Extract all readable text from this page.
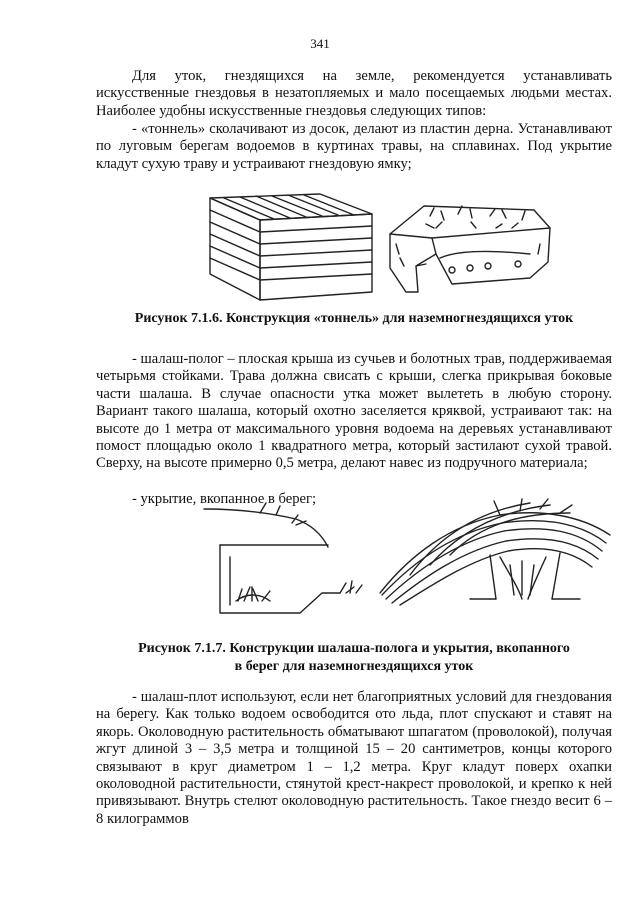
341

Для уток, гнездящихся на земле, рекомендуется устанавливать искусственные гнездовья в незатопляемых и мало посещаемых людьми местах. Наиболее удобны искусственные гнездовья следующих типов:

- «тоннель» сколачивают из досок, делают из пластин дерна. Устанавливают по луговым берегам водоемов в куртинах травы, на сплавинах. Под укрытие кладут сухую траву и устраивают гнездовую ямку;

Рисунок 7.1.6. Конструкция «тоннель» для наземногнездящихся уток

- шалаш-полог – плоская крыша из сучьев и болотных трав, поддерживаемая четырьмя стойками. Трава должна свисать с крыши, слегка прикрывая боковые части шалаша. В случае опасности утка может вылететь в любую сторону. Вариант такого шалаша, который охотно заселяется кряквой, устраивают так: на высоте до 1 метра от максимального уровня водоема на деревьях устанавливают помост площадью около 1 квадратного метра, который застилают сухой травой. Сверху, на высоте примерно 0,5 метра, делают навес из подручного материала;

- укрытие, вкопанное в берег;

Рисунок 7.1.7. Конструкции шалаша-полога и укрытия, вкопанного
в берег для наземногнездящихся уток

- шалаш-плот используют, если нет благоприятных условий для гнездования на берегу. Как только водоем освободится ото льда, плот спускают и ставят на якорь. Околоводную растительность обматывают шпагатом (проволокой), получая жгут длиной 3 – 3,5 метра и толщиной 15 – 20 сантиметров, концы которого связывают в круг диаметром 1 – 1,2 метра. Круг кладут поверх охапки околоводной растительности, стянутой крест-накрест проволокой, и крепко к ней привязывают. Внутрь стелют околоводную растительность. Такое гнездо весит 6 – 8 килограммов
